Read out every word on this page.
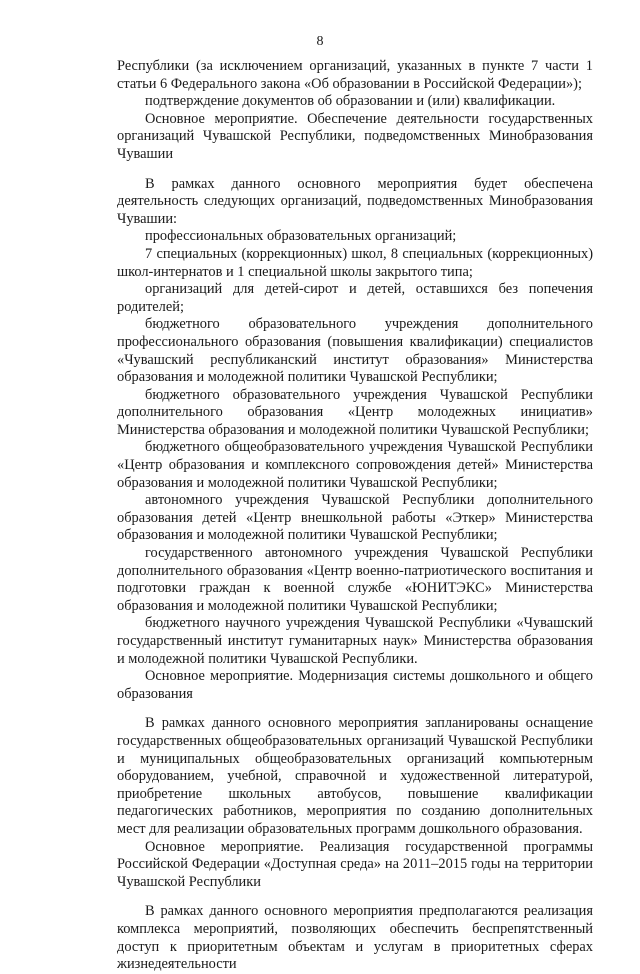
8

Республики (за исключением организаций, указанных в пункте 7 части 1 статьи 6 Федерального закона «Об образовании в Российской Федерации»);

подтверждение документов об образовании и (или) квалификации.

Основное мероприятие. Обеспечение деятельности государственных организаций Чувашской Республики, подведомственных Минобразования Чувашии

В рамках данного основного мероприятия будет обеспечена деятельность следующих организаций, подведомственных Минобразования Чувашии:

профессиональных образовательных организаций;

7 специальных (коррекционных) школ, 8 специальных (коррекционных) школ-интернатов и 1 специальной школы закрытого типа;

организаций для детей-сирот и детей, оставшихся без попечения родителей;

бюджетного образовательного учреждения дополнительного профессионального образования (повышения квалификации) специалистов «Чувашский республиканский институт образования» Министерства образования и молодежной политики Чувашской Республики;

бюджетного образовательного учреждения Чувашской Республики дополнительного образования «Центр молодежных инициатив» Министерства образования и молодежной политики Чувашской Республики;

бюджетного общеобразовательного учреждения Чувашской Республики «Центр образования и комплексного сопровождения детей» Министерства образования и молодежной политики Чувашской Республики;

автономного учреждения Чувашской Республики дополнительного образования детей «Центр внешкольной работы «Эткер» Министерства образования и молодежной политики Чувашской Республики;

государственного автономного учреждения Чувашской Республики дополнительного образования «Центр военно-патриотического воспитания и подготовки граждан к военной службе «ЮНИТЭКС» Министерства образования и молодежной политики Чувашской Республики;

бюджетного научного учреждения Чувашской Республики «Чувашский государственный институт гуманитарных наук» Министерства образования и молодежной политики Чувашской Республики.

Основное мероприятие. Модернизация системы дошкольного и общего образования

В рамках данного основного мероприятия запланированы оснащение государственных общеобразовательных организаций Чувашской Республики и муниципальных общеобразовательных организаций компьютерным оборудованием, учебной, справочной и художественной литературой, приобретение школьных автобусов, повышение квалификации педагогических работников, мероприятия по созданию дополнительных мест для реализации образовательных программ дошкольного образования.

Основное мероприятие. Реализация государственной программы Российской Федерации «Доступная среда» на 2011–2015 годы на территории Чувашской Республики

В рамках данного основного мероприятия предполагаются реализация комплекса мероприятий, позволяющих обеспечить беспрепятственный доступ к приоритетным объектам и услугам в приоритетных сферах жизнедеятельности
